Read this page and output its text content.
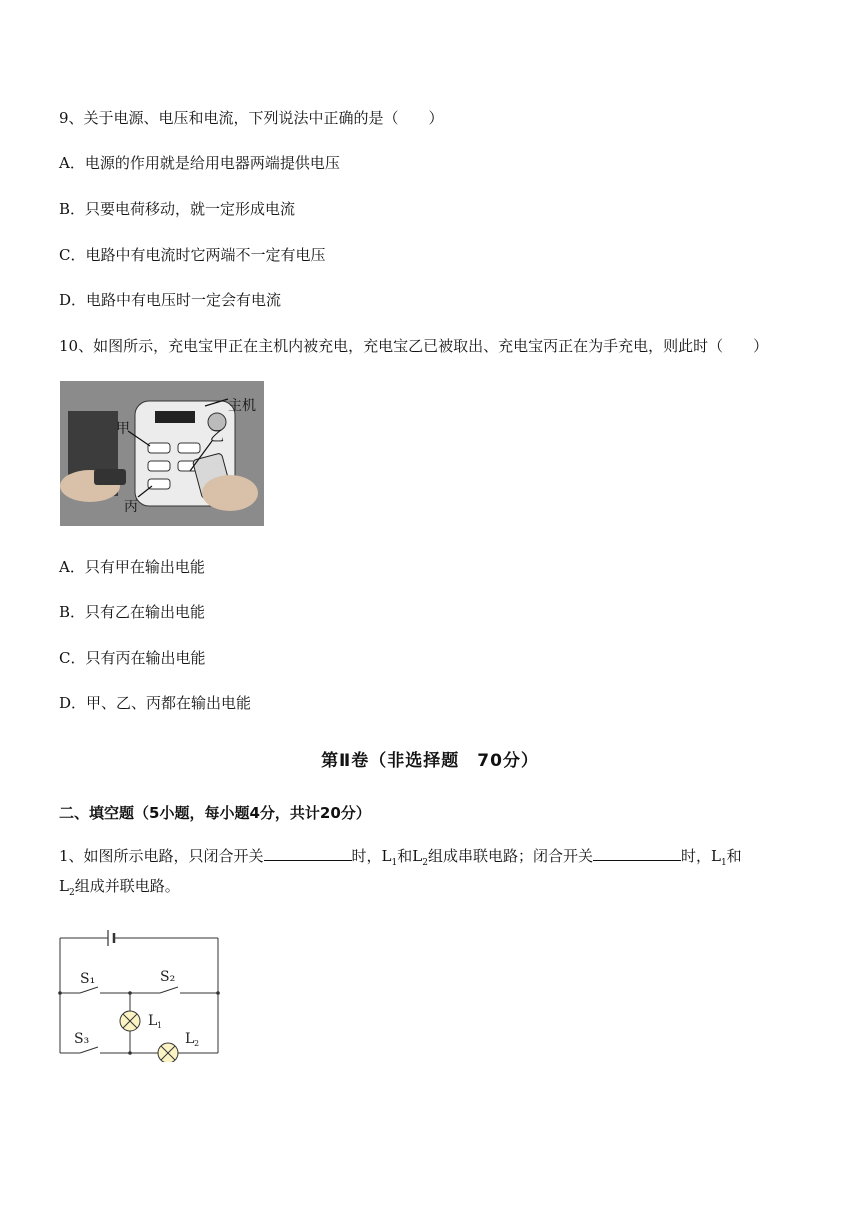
9、关于电源、电压和电流，下列说法中正确的是（　　）
A．电源的作用就是给用电器两端提供电压
B．只要电荷移动，就一定形成电流
C．电路中有电流时它两端不一定有电压
D．电路中有电压时一定会有电流
10、如图所示，充电宝甲正在主机内被充电，充电宝乙已被取出、充电宝丙正在为手充电，则此时（　　）
主机
甲	乙
丙
A．只有甲在输出电能
B．只有乙在输出电能
C．只有丙在输出电能
D．甲、乙、丙都在输出电能
第Ⅱ卷（非选择题　70分）
二、填空题（5小题，每小题4分，共计20分）
1、如图所示电路，只闭合开关	时，$L_1$和$L_2$组成串联电路；闭合开关	时，$L_1$和
$L_2$组成并联电路。
S₁	S₂
S₃
L 1
L 2
